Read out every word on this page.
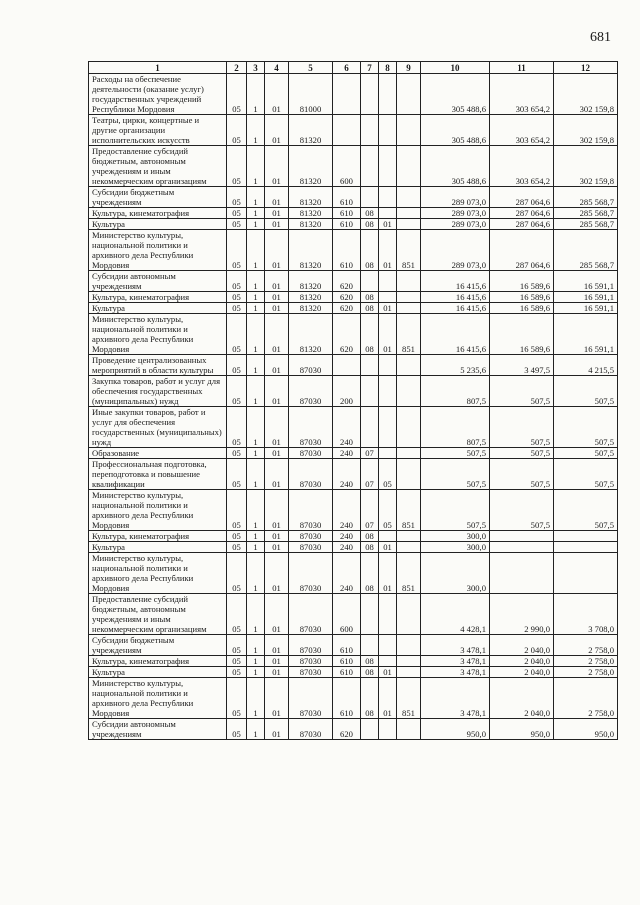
681
1	2	3	4	5	6	7	8	9	10	11	12
Расходы на обеспечение деятельности (оказание услуг) государственных учреждений Республики Мордовия	05	1	01	81000					305 488,6	303 654,2	302 159,8
Театры, цирки, концертные и другие организации исполнительских искусств	05	1	01	81320					305 488,6	303 654,2	302 159,8
Предоставление субсидий бюджетным, автономным учреждениям и иным некоммерческим организациям	05	1	01	81320	600				305 488,6	303 654,2	302 159,8
Субсидии бюджетным учреждениям	05	1	01	81320	610				289 073,0	287 064,6	285 568,7
Культура, кинематография	05	1	01	81320	610	08			289 073,0	287 064,6	285 568,7
Культура	05	1	01	81320	610	08	01		289 073,0	287 064,6	285 568,7
Министерство культуры, национальной политики и архивного дела Республики Мордовия	05	1	01	81320	610	08	01	851	289 073,0	287 064,6	285 568,7
Субсидии автономным учреждениям	05	1	01	81320	620				16 415,6	16 589,6	16 591,1
Культура, кинематография	05	1	01	81320	620	08			16 415,6	16 589,6	16 591,1
Культура	05	1	01	81320	620	08	01		16 415,6	16 589,6	16 591,1
Министерство культуры, национальной политики и архивного дела Республики Мордовия	05	1	01	81320	620	08	01	851	16 415,6	16 589,6	16 591,1
Проведение централизованных мероприятий в области культуры	05	1	01	87030					5 235,6	3 497,5	4 215,5
Закупка товаров, работ и услуг для обеспечения государственных (муниципальных) нужд	05	1	01	87030	200				807,5	507,5	507,5
Иные закупки товаров, работ и услуг для обеспечения государственных (муниципальных) нужд	05	1	01	87030	240				807,5	507,5	507,5
Образование	05	1	01	87030	240	07			507,5	507,5	507,5
Профессиональная подготовка, переподготовка и повышение квалификации	05	1	01	87030	240	07	05		507,5	507,5	507,5
Министерство культуры, национальной политики и архивного дела Республики Мордовия	05	1	01	87030	240	07	05	851	507,5	507,5	507,5
Культура, кинематография	05	1	01	87030	240	08			300,0		
Культура	05	1	01	87030	240	08	01		300,0		
Министерство культуры, национальной политики и архивного дела Республики Мордовия	05	1	01	87030	240	08	01	851	300,0		
Предоставление субсидий бюджетным, автономным учреждениям и иным некоммерческим организациям	05	1	01	87030	600				4 428,1	2 990,0	3 708,0
Субсидии бюджетным учреждениям	05	1	01	87030	610				3 478,1	2 040,0	2 758,0
Культура, кинематография	05	1	01	87030	610	08			3 478,1	2 040,0	2 758,0
Культура	05	1	01	87030	610	08	01		3 478,1	2 040,0	2 758,0
Министерство культуры, национальной политики и архивного дела Республики Мордовия	05	1	01	87030	610	08	01	851	3 478,1	2 040,0	2 758,0
Субсидии автономным учреждениям	05	1	01	87030	620				950,0	950,0	950,0
